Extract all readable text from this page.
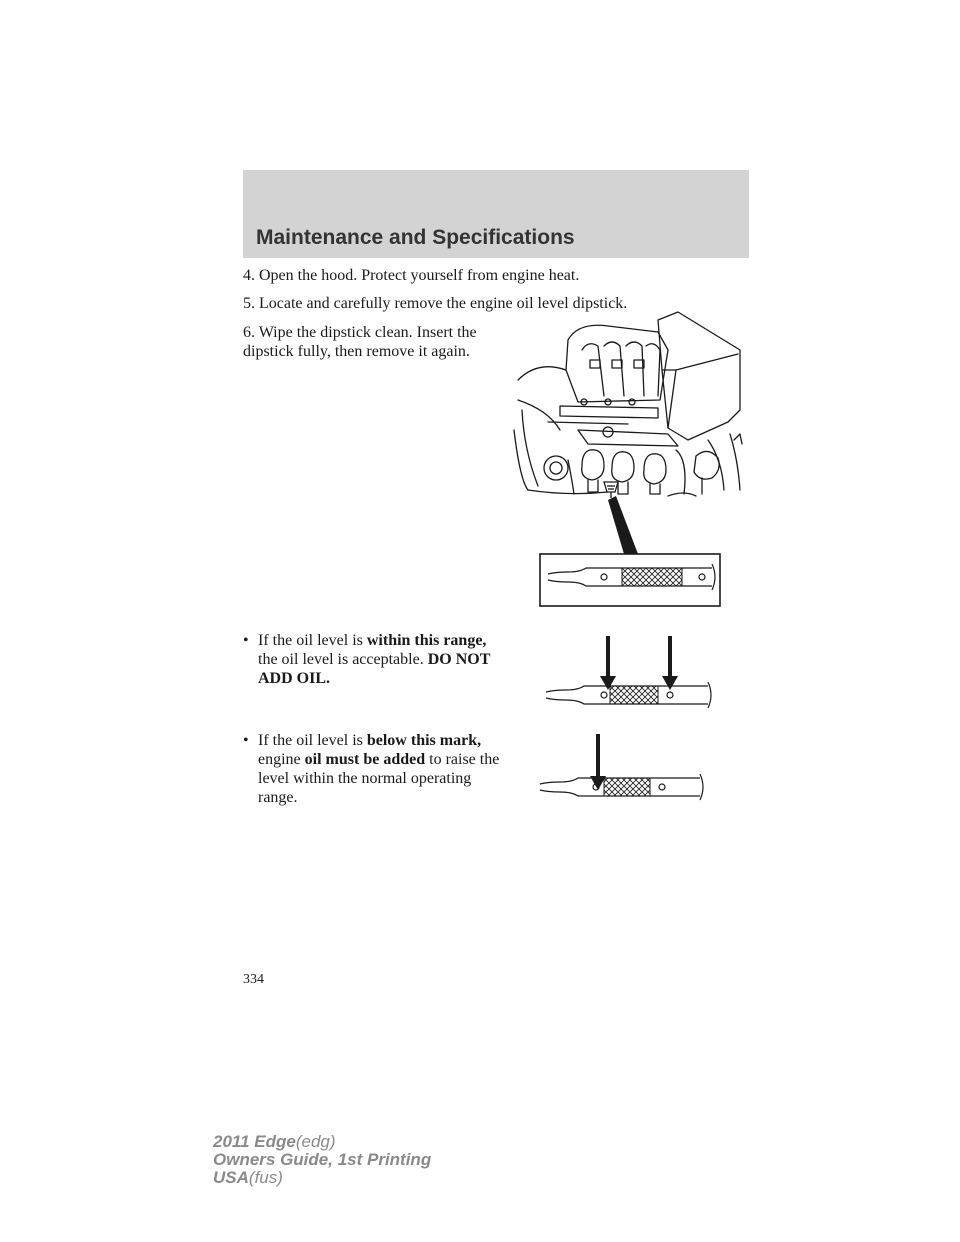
Maintenance and Specifications
4. Open the hood. Protect yourself from engine heat.
5. Locate and carefully remove the engine oil level dipstick.
6. Wipe the dipstick clean. Insert the dipstick fully, then remove it again.
• If the oil level is within this range, the oil level is acceptable. DO NOT ADD OIL.
• If the oil level is below this mark, engine oil must be added to raise the level within the normal operating range.
334
2011 Edge(edg)
Owners Guide, 1st Printing
USA(fus)
